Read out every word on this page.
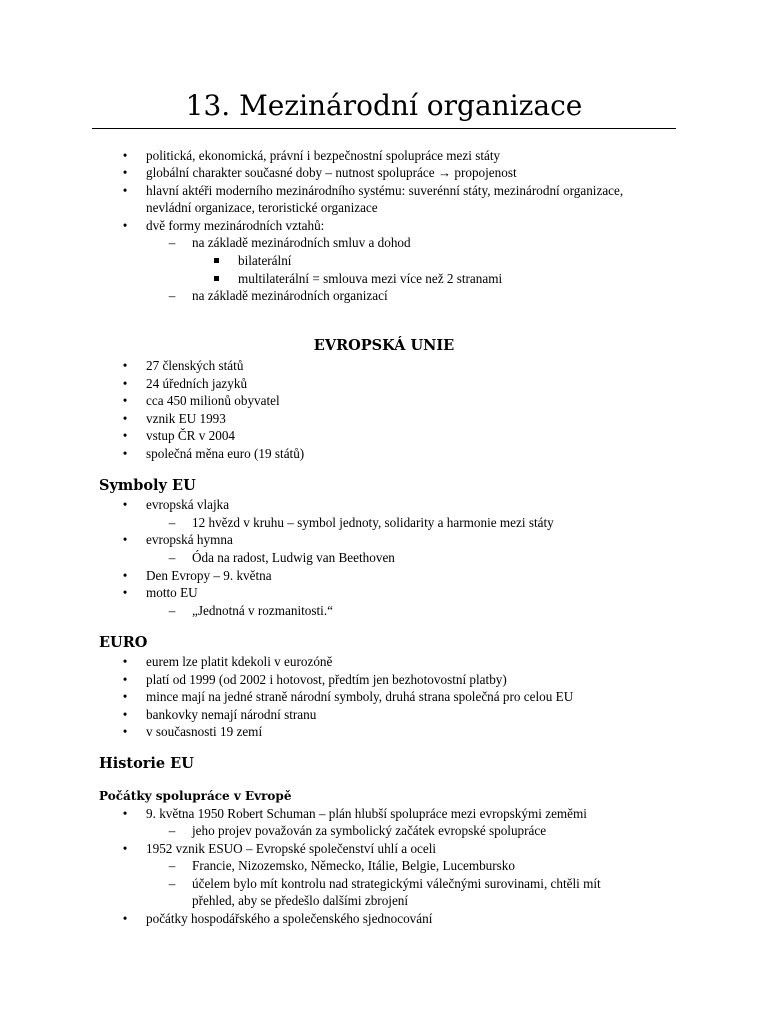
13. Mezinárodní organizace
• politická, ekonomická, právní i bezpečnostní spolupráce mezi státy

• globální charakter současné doby – nutnost spolupráce → propojenost

• hlavní aktéři moderního mezinárodního systému: suverénní státy, mezinárodní organizace,

nevládní organizace, teroristické organizace

• dvě formy mezinárodních vztahů:

– na základě mezinárodních smluv a dohod

bilaterální

multilaterální = smlouva mezi více než 2 stranami

– na základě mezinárodních organizací

EVROPSKÁ UNIE
• 27 členských států

• 24 úředních jazyků

• cca 450 milionů obyvatel

• vznik EU 1993

• vstup ČR v 2004

• společná měna euro (19 států)

Symboly EU
• evropská vlajka

– 12 hvězd v kruhu – symbol jednoty, solidarity a harmonie mezi státy

• evropská hymna

– Óda na radost, Ludwig van Beethoven

• Den Evropy – 9. května

• motto EU

– „Jednotná v rozmanitosti.“

EURO
• eurem lze platit kdekoli v eurozóně

• platí od 1999 (od 2002 i hotovost, předtím jen bezhotovostní platby)

• mince mají na jedné straně národní symboly, druhá strana společná pro celou EU

• bankovky nemají národní stranu

• v současnosti 19 zemí

Historie EU
Počátky spolupráce v Evropě
• 9. května 1950 Robert Schuman – plán hlubší spolupráce mezi evropskými zeměmi

– jeho projev považován za symbolický začátek evropské spolupráce

• 1952 vznik ESUO – Evropské společenství uhlí a oceli

– Francie, Nizozemsko, Německo, Itálie, Belgie, Lucembursko

– účelem bylo mít kontrolu nad strategickými válečnými surovinami, chtěli mít

přehled, aby se předešlo dalšími zbrojení

• počátky hospodářského a společenského sjednocování
